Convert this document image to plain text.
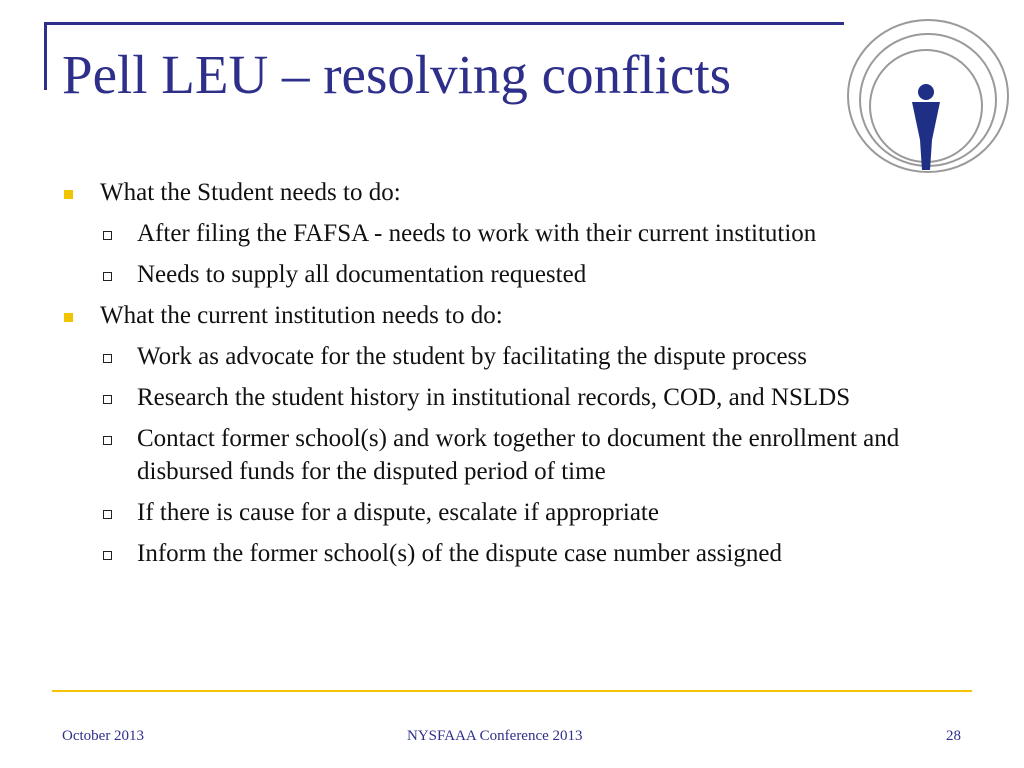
Pell LEU – resolving conflicts
What the Student needs to do:
After filing the FAFSA - needs to work with their current institution
Needs to supply all documentation requested
What the current institution needs to do:
Work as advocate for the student by facilitating the dispute process
Research the student history in institutional records, COD, and NSLDS
Contact former school(s) and work together to document the enrollment and disbursed funds for the disputed period of time
If there is cause for a dispute, escalate if appropriate
Inform the former school(s) of the dispute case number assigned
October 2013	NYSFAAA Conference 2013	28
